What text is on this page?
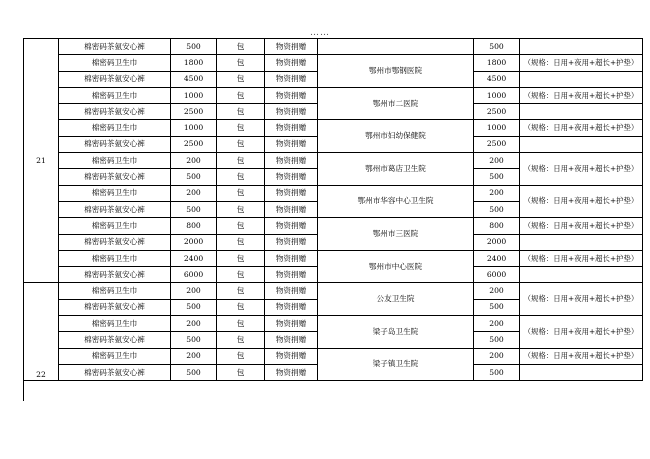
……
21	棉密码茶氨安心裤	500	包	物资捐赠		500	
	棉密码卫生巾	1800	包	物资捐赠	鄂州市鄂钢医院	1800	（规格：日用+夜用+超长+护垫）
	棉密码茶氨安心裤	4500	包	物资捐赠		4500	
	棉密码卫生巾	1000	包	物资捐赠	鄂州市二医院	1000	（规格：日用+夜用+超长+护垫）
	棉密码茶氨安心裤	2500	包	物资捐赠		2500	
	棉密码卫生巾	1000	包	物资捐赠	鄂州市妇幼保健院	1000	（规格：日用+夜用+超长+护垫）
	棉密码茶氨安心裤	2500	包	物资捐赠		2500	
	棉密码卫生巾	200	包	物资捐赠	鄂州市葛店卫生院	200	（规格：日用+夜用+超长+护垫）
	棉密码茶氨安心裤	500	包	物资捐赠		500	
	棉密码卫生巾	200	包	物资捐赠	鄂州市华容中心卫生院	200	（规格：日用+夜用+超长+护垫）
	棉密码茶氨安心裤	500	包	物资捐赠		500	
	棉密码卫生巾	800	包	物资捐赠	鄂州市三医院	800	（规格：日用+夜用+超长+护垫）
	棉密码茶氨安心裤	2000	包	物资捐赠		2000	
	棉密码卫生巾	2400	包	物资捐赠	鄂州市中心医院	2400	（规格：日用+夜用+超长+护垫）
	棉密码茶氨安心裤	6000	包	物资捐赠		6000	
22	棉密码卫生巾	200	包	物资捐赠	公友卫生院	200	（规格：日用+夜用+超长+护垫）
	棉密码茶氨安心裤	500	包	物资捐赠		500	
	棉密码卫生巾	200	包	物资捐赠	梁子岛卫生院	200	（规格：日用+夜用+超长+护垫）
	棉密码茶氨安心裤	500	包	物资捐赠		500	
	棉密码卫生巾	200	包	物资捐赠	梁子镇卫生院	200	（规格：日用+夜用+超长+护垫）
	棉密码茶氨安心裤	500	包	物资捐赠		500	
